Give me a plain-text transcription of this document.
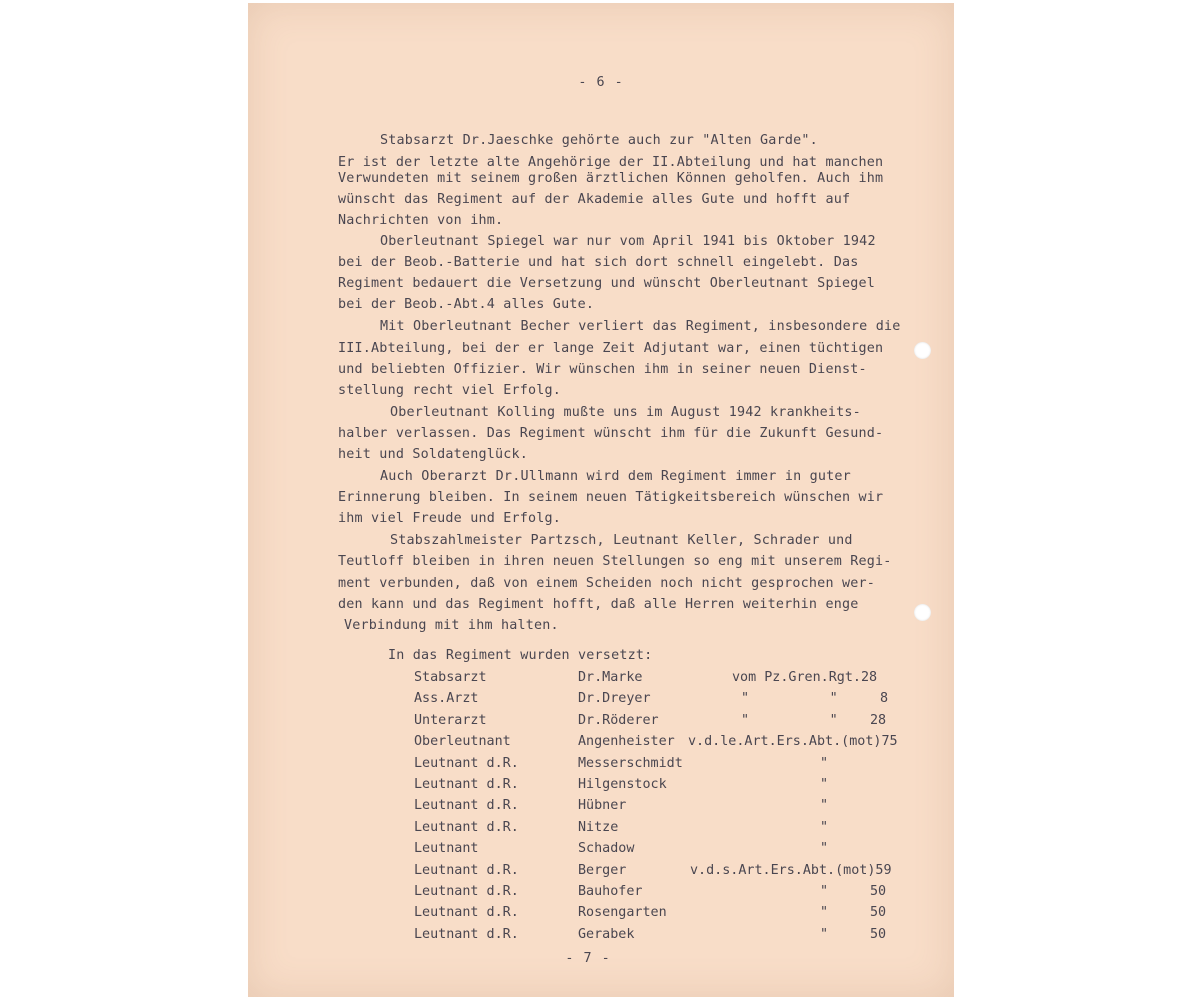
- 6 -
Stabsarzt Dr.Jaeschke gehörte auch zur "Alten Garde".
Er ist der letzte alte Angehörige der II.Abteilung und hat manchen
Verwundeten mit seinem großen ärztlichen Können geholfen. Auch ihm
wünscht das Regiment auf der Akademie alles Gute und hofft auf
Nachrichten von ihm.
Oberleutnant Spiegel war nur vom April 1941 bis Oktober 1942
bei der Beob.-Batterie und hat sich dort schnell eingelebt. Das
Regiment bedauert die Versetzung und wünscht Oberleutnant Spiegel
bei der Beob.-Abt.4 alles Gute.
Mit Oberleutnant Becher verliert das Regiment, insbesondere die
III.Abteilung, bei der er lange Zeit Adjutant war, einen tüchtigen
und beliebten Offizier. Wir wünschen ihm in seiner neuen Dienst-
stellung recht viel Erfolg.
Oberleutnant Kolling mußte uns im August 1942 krankheits-
halber verlassen. Das Regiment wünscht ihm für die Zukunft Gesund-
heit und Soldatenglück.
Auch Oberarzt Dr.Ullmann wird dem Regiment immer in guter
Erinnerung bleiben. In seinem neuen Tätigkeitsbereich wünschen wir
ihm viel Freude und Erfolg.
Stabszahlmeister Partzsch, Leutnant Keller, Schrader und
Teutloff bleiben in ihren neuen Stellungen so eng mit unserem Regi-
ment verbunden, daß von einem Scheiden noch nicht gesprochen wer-
den kann und das Regiment hofft, daß alle Herren weiterhin enge
Verbindung mit ihm halten.
In das Regiment wurden versetzt:
Stabsarzt	Dr.Marke	vom Pz.Gren.Rgt.28
Ass.Arzt	Dr.Dreyer	"          "	8
Unterarzt	Dr.Röderer	"          " 28
Oberleutnant	Angenheister v.d.le.Art.Ers.Abt.(mot)75
Leutnant d.R.	Messerschmidt	"
Leutnant d.R.	Hilgenstock	"
Leutnant d.R.	Hübner	"
Leutnant d.R.	Nitze	"
Leutnant	Schadow	"
Leutnant d.R.	Berger	v.d.s.Art.Ers.Abt.(mot)59
Leutnant d.R.	Bauhofer	"	50
Leutnant d.R.	Rosengarten	"	50
Leutnant d.R.	Gerabek	"	50
- 7 -
